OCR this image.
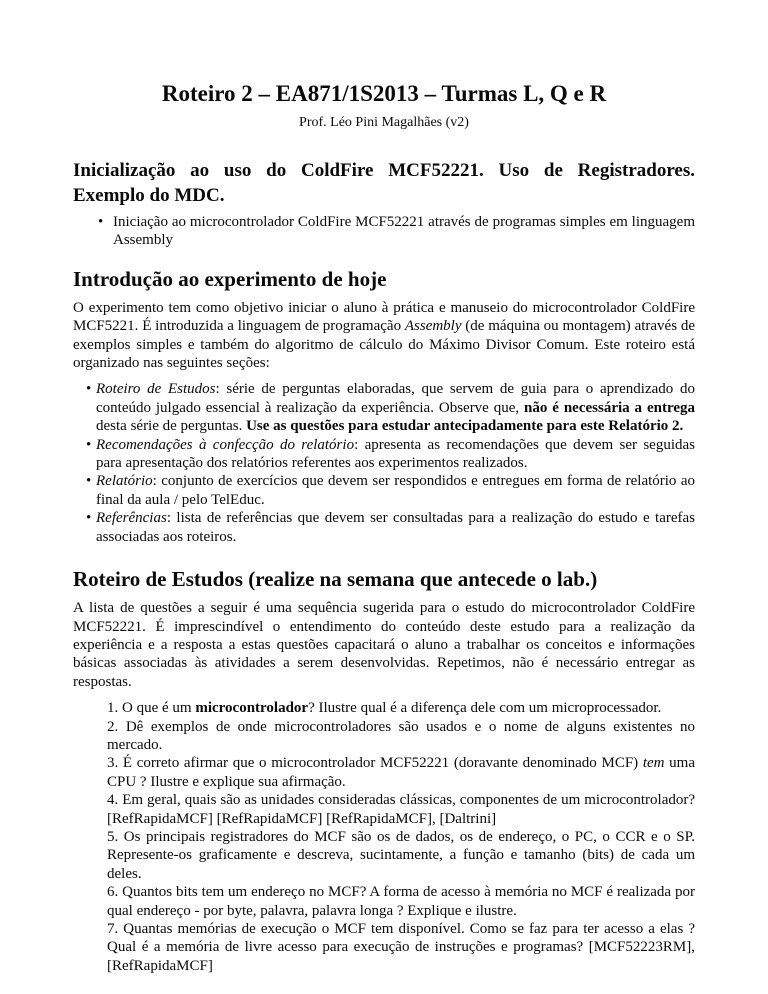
Roteiro 2 – EA871/1S2013 – Turmas L, Q e R
Prof. Léo Pini Magalhães (v2)
Inicialização ao uso do ColdFire MCF52221. Uso de Registradores.
Exemplo do MDC.
• Iniciação ao microcontrolador ColdFire MCF52221 através de programas simples em linguagem Assembly
Introdução ao experimento de hoje

O experimento tem como objetivo iniciar o aluno à prática e manuseio do microcontrolador ColdFire MCF5221. É introduzida a linguagem de programação Assembly (de máquina ou montagem) através de exemplos simples e também do algoritmo de cálculo do Máximo Divisor Comum. Este roteiro está organizado nas seguintes seções:

• Roteiro de Estudos: série de perguntas elaboradas, que servem de guia para o aprendizado do conteúdo julgado essencial à realização da experiência. Observe que, não é necessária a entrega desta série de perguntas. Use as questões para estudar antecipadamente para este Relatório 2.
• Recomendações à confecção do relatório: apresenta as recomendações que devem ser seguidas para apresentação dos relatórios referentes aos experimentos realizados.
• Relatório: conjunto de exercícios que devem ser respondidos e entregues em forma de relatório ao final da aula / pelo TelEduc.
• Referências: lista de referências que devem ser consultadas para a realização do estudo e tarefas associadas aos roteiros.
Roteiro de Estudos (realize na semana que antecede o lab.)

A lista de questões a seguir é uma sequência sugerida para o estudo do microcontrolador ColdFire MCF52221. É imprescindível o entendimento do conteúdo deste estudo para a realização da experiência e a resposta a estas questões capacitará o aluno a trabalhar os conceitos e informações básicas associadas às atividades a serem desenvolvidas. Repetimos, não é necessário entregar as respostas.

1. O que é um microcontrolador? Ilustre qual é a diferença dele com um microprocessador.

2. Dê exemplos de onde microcontroladores são usados e o nome de alguns existentes no mercado.

3. É correto afirmar que o microcontrolador MCF52221 (doravante denominado MCF) tem uma CPU ? Ilustre e explique sua afirmação.

4. Em geral, quais são as unidades consideradas clássicas, componentes de um microcontrolador? [RefRapidaMCF] [RefRapidaMCF] [RefRapidaMCF], [Daltrini]

5. Os principais registradores do MCF são os de dados, os de endereço, o PC, o CCR e o SP. Represente-os graficamente e descreva, sucintamente, a função e tamanho (bits) de cada um deles.

6. Quantos bits tem um endereço no MCF? A forma de acesso à memória no MCF é realizada por qual endereço - por byte, palavra, palavra longa ? Explique e ilustre.

7. Quantas memórias de execução o MCF tem disponível. Como se faz para ter acesso a elas ? Qual é a memória de livre acesso para execução de instruções e programas? [MCF52223RM], [RefRapidaMCF]
